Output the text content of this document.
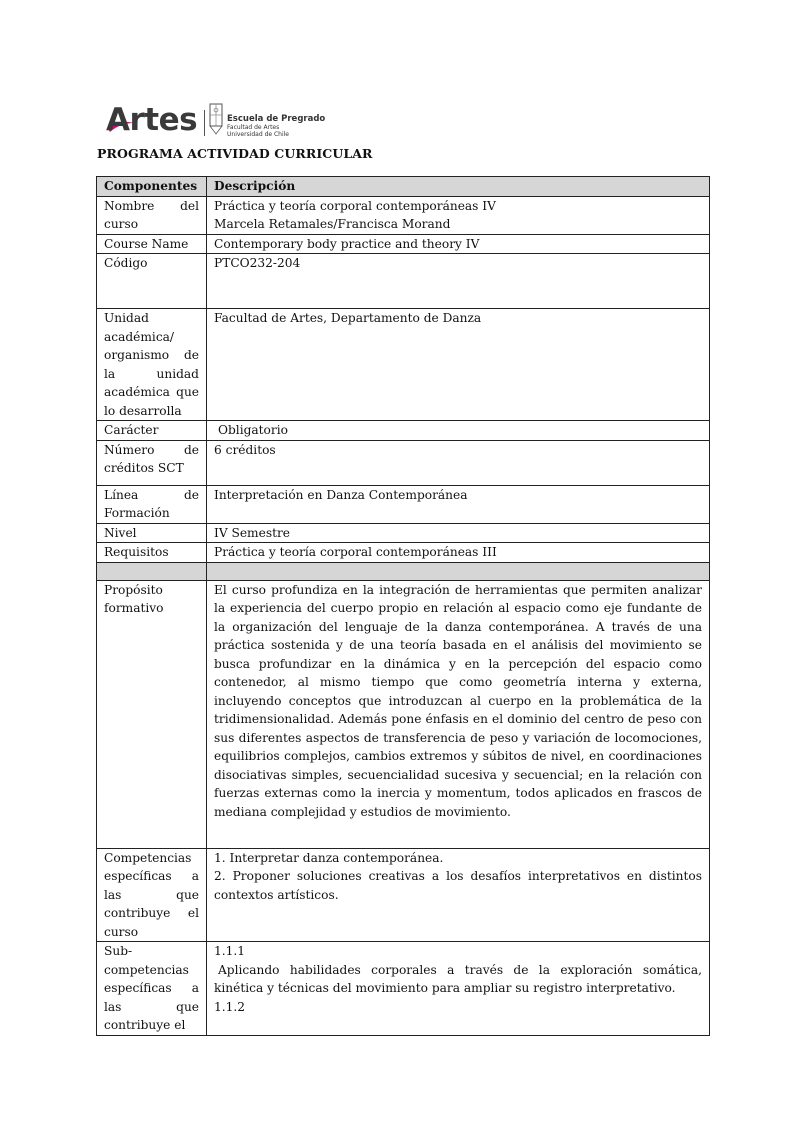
Artes	Escuela de Pregrado
Facultad de Artes
Universidad de Chile
PROGRAMA ACTIVIDAD CURRICULAR
Componentes	Descripción
Nombre del curso	Práctica y teoría corporal contemporáneas IV
Marcela Retamales/Francisca Morand

Course Name	Contemporary body practice and theory IV
Código	PTCO232-204
Unidad académica/ organismo de la unidad académica que lo desarrolla	Facultad de Artes, Departamento de Danza
Carácter	Obligatorio
Número de créditos SCT	6 créditos
Línea de Formación	Interpretación en Danza Contemporánea
Nivel	IV Semestre
Requisitos	Práctica y teoría corporal contemporáneas III

Propósito formativo	El curso profundiza en la integración de herramientas que permiten analizar la experiencia del cuerpo propio en relación al espacio como eje fundante de la organización del lenguaje de la danza contemporánea. A través de una práctica sostenida y de una teoría basada en el análisis del movimiento se busca profundizar en la dinámica y en la percepción del espacio como contenedor, al mismo tiempo que como geometría interna y externa, incluyendo conceptos que introduzcan al cuerpo en la problemática de la tridimensionalidad. Además pone énfasis en el dominio del centro de peso con sus diferentes aspectos de transferencia de peso y variación de locomociones, equilibrios complejos, cambios extremos y súbitos de nivel, en coordinaciones disociativas simples, secuencialidad sucesiva y secuencial; en la relación con fuerzas externas como la inercia y momentum, todos aplicados en frascos de mediana complejidad y estudios de movimiento.
Competencias específicas a las que contribuye el curso	1. Interpretar danza contemporánea.
2. Proponer soluciones creativas a los desafíos interpretativos en distintos contextos artísticos.

Sub-competencias específicas a las que contribuye el	1.1.1
Aplicando habilidades corporales a través de la exploración somática, kinética y técnicas del movimiento para ampliar su registro interpretativo.
1.1.2
